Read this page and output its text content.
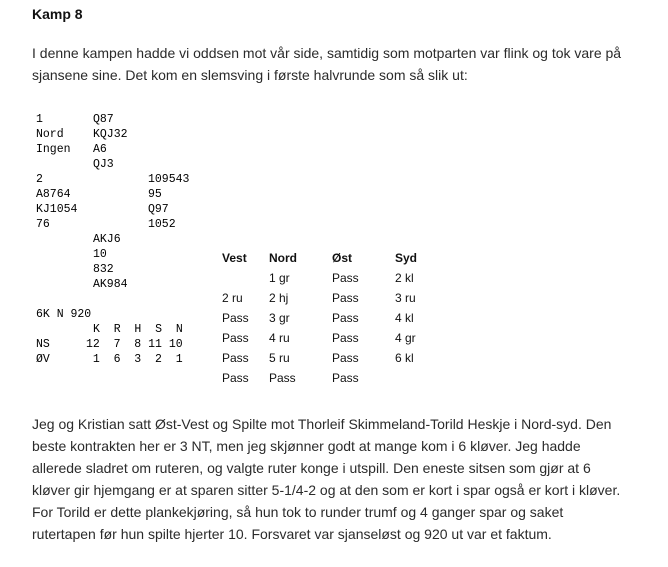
Kamp 8

I denne kampen hadde vi oddsen mot vår side, samtidig som motparten var flink og tok vare på
sjansene sine. Det kom en slemsving i første halvrunde som så slik ut:

1
Nord
Ingen
Q87
KQJ32
A6
QJ3
2
A8764
KJ1054
76
109543
95
Q97
1052
AKJ6
10
832
AK984
6K N 920
K  R  H  S  N
NS	12  7  8 11 10
ØV	1  6  3  2  1
Vest	Nord	Øst	Syd
	1 gr	Pass	2 kl
2 ru	2 hj	Pass	3 ru
Pass	3 gr	Pass	4 kl
Pass	4 ru	Pass	4 gr
Pass	5 ru	Pass	6 kl
Pass	Pass	Pass	

Jeg og Kristian satt Øst-Vest og Spilte mot Thorleif Skimmeland-Torild Heskje i Nord-syd. Den
beste kontrakten her er 3 NT, men jeg skjønner godt at mange kom i 6 kløver. Jeg hadde
allerede sladret om ruteren, og valgte ruter konge i utspill. Den eneste sitsen som gjør at 6
kløver gir hjemgang er at sparen sitter 5-1/4-2 og at den som er kort i spar også er kort i kløver.
For Torild er dette plankekjøring, så hun tok to runder trumf og 4 ganger spar og saket
rutertapen før hun spilte hjerter 10. Forsvaret var sjanseløst og 920 ut var et faktum.
